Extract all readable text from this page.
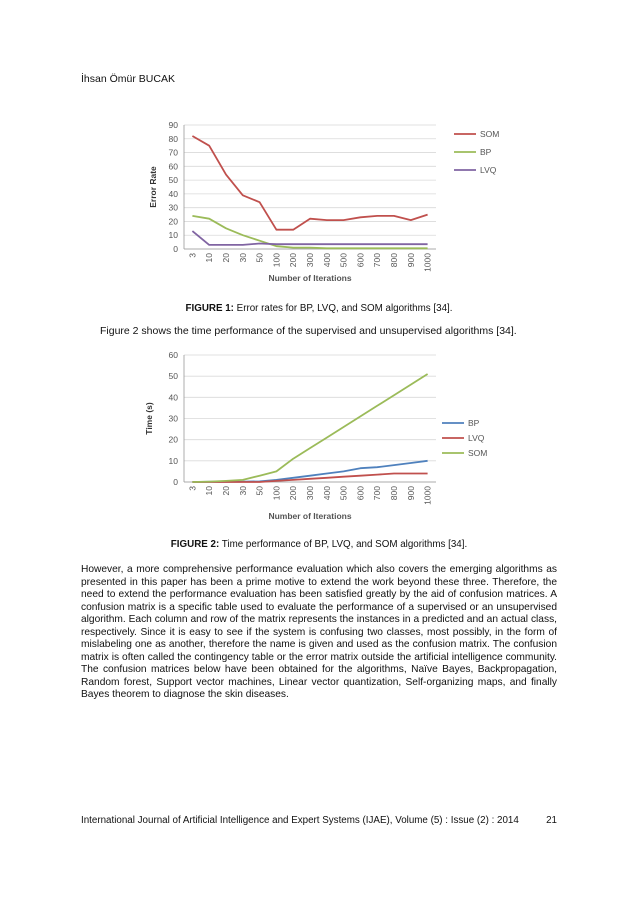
İhsan Ömür BUCAK
0
10
20
30
40
50
60
70
80
90
3 10 20 30 50 100 200 300 400 500 600 700 800 900 1000
Number of Iterations
Error Rate
SOM
BP
LVQ
FIGURE 1: Error rates for BP, LVQ, and SOM algorithms [34].
Figure 2 shows the time performance of the supervised and unsupervised algorithms [34].
0
10
20
30
40
50
60
3 10 20 30 50 100 200 300 400 500 600 700 800 900 1000
Number of Iterations
Time (s)	BP
LVQ
SOM
FIGURE 2: Time performance of BP, LVQ, and SOM algorithms [34].
However, a more comprehensive performance evaluation which also covers the emerging algorithms as presented in this paper has been a prime motive to extend the work beyond these three. Therefore, the need to extend the performance evaluation has been satisfied greatly by the aid of confusion matrices. A confusion matrix is a specific table used to evaluate the performance of a supervised or an unsupervised algorithm. Each column and row of the matrix represents the instances in a predicted and an actual class, respectively. Since it is easy to see if the system is confusing two classes, most possibly, in the form of mislabeling one as another, therefore the name is given and used as the confusion matrix. The confusion matrix is often called the contingency table or the error matrix outside the artificial intelligence community. The confusion matrices below have been obtained for the algorithms, Naïve Bayes, Backpropagation, Random forest, Support vector machines, Linear vector quantization, Self-organizing maps, and finally Bayes theorem to diagnose the skin diseases.
International Journal of Artificial Intelligence and Expert Systems (IJAE), Volume (5) : Issue (2) : 2014	21
